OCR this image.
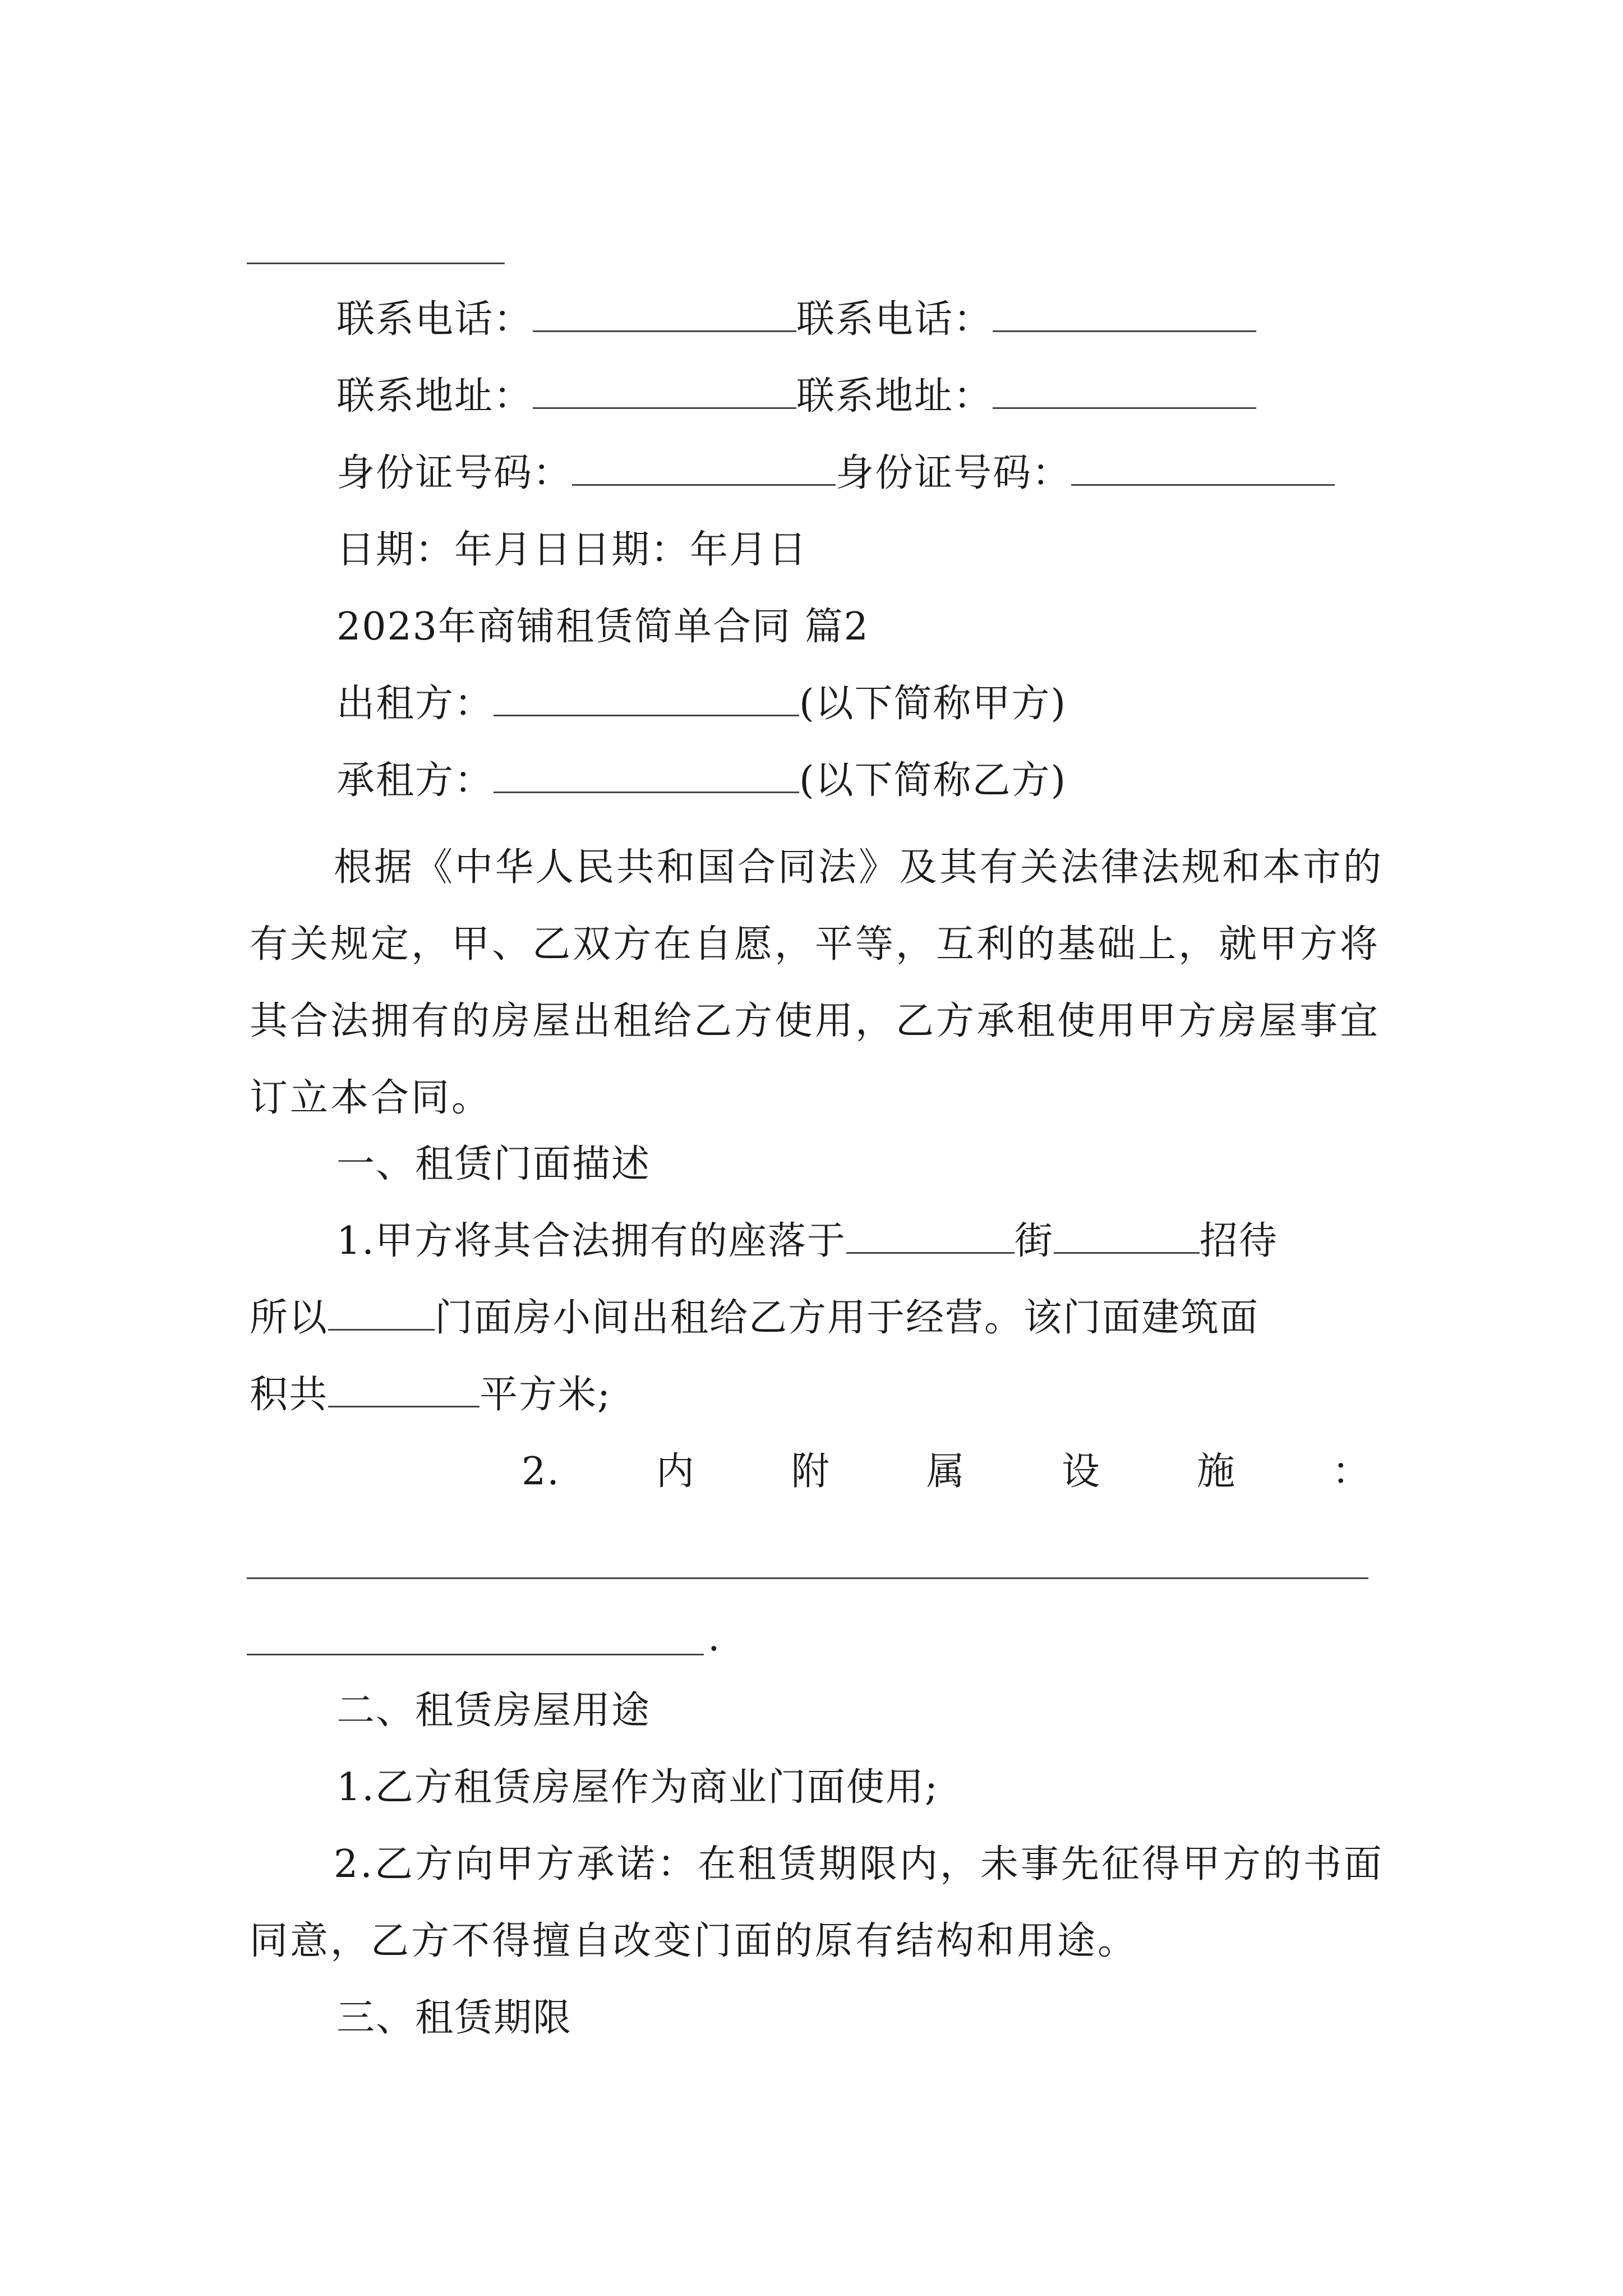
联系电话：	联系电话：
联系地址：	联系地址：
身份证号码：	身份证号码：
日期：年月日日期：年月日
2023年商铺租赁简单合同 篇2
出租方：	(以下简称甲方)
承租方：	(以下简称乙方)
根据《中华人民共和国合同法》及其有关法律法规和本市的有关规定，甲、乙双方在自愿，平等，互利的基础上，就甲方将其合法拥有的房屋出租给乙方使用，乙方承租使用甲方房屋事宜订立本合同。
一、租赁门面描述
1.甲方将其合法拥有的座落于	街	招待
所以	门面房小间出租给乙方用于经营。该门面建筑面
积共	平方米;
2.	内	附	属	设	施	：
.
二、租赁房屋用途
1.乙方租赁房屋作为商业门面使用;
2.乙方向甲方承诺：在租赁期限内，未事先征得甲方的书面同意，乙方不得擅自改变门面的原有结构和用途。
三、租赁期限
